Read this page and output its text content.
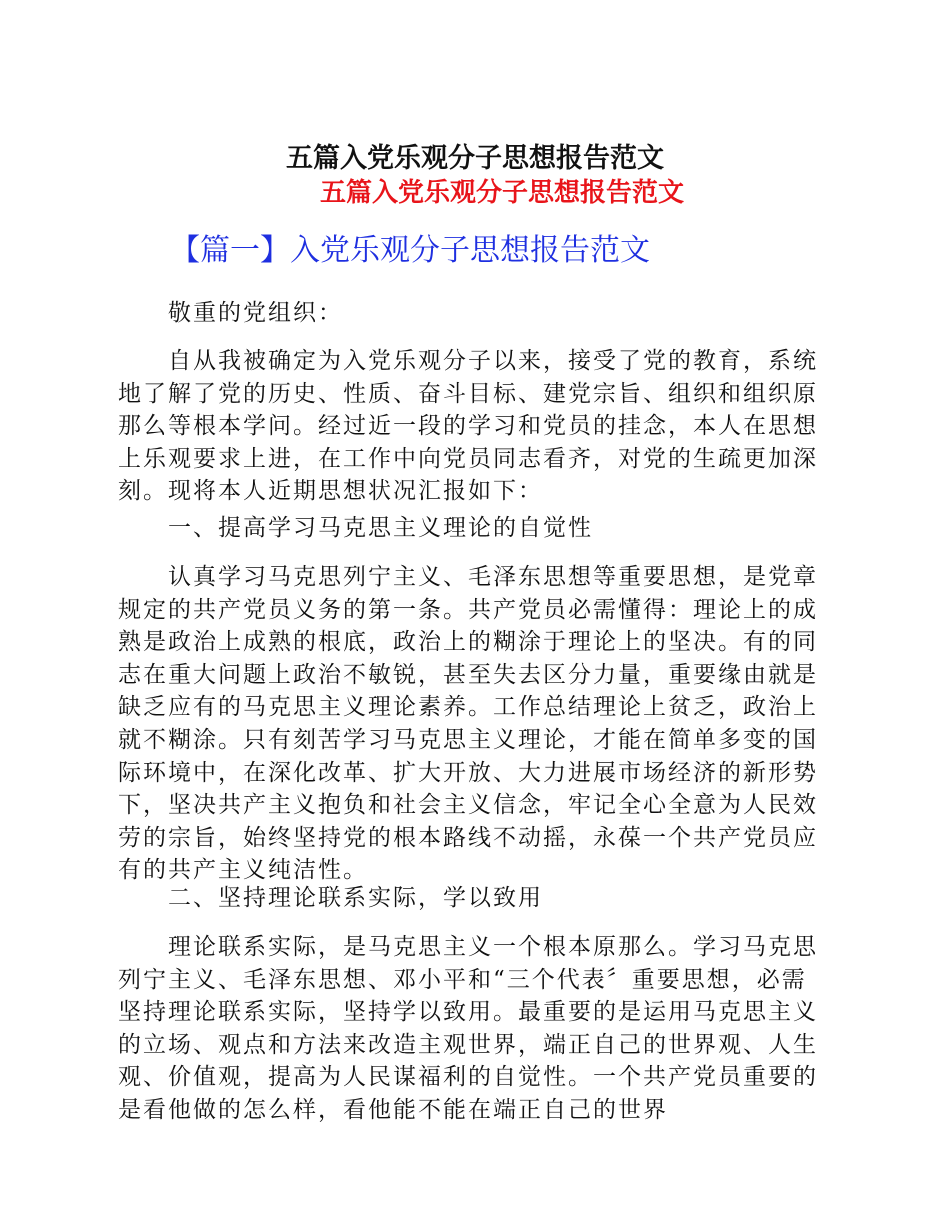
五篇入党乐观分子思想报告范文
五篇入党乐观分子思想报告范文
【篇一】入党乐观分子思想报告范文

敬重的党组织：

自从我被确定为入党乐观分子以来，接受了党的教育，系统地了解了党的历史、性质、奋斗目标、建党宗旨、组织和组织原那么等根本学问。经过近一段的学习和党员的挂念，本人在思想上乐观要求上进，在工作中向党员同志看齐，对党的生疏更加深刻。现将本人近期思想状况汇报如下：

一、提高学习马克思主义理论的自觉性

认真学习马克思列宁主义、毛泽东思想等重要思想，是党章规定的共产党员义务的第一条。共产党员必需懂得：理论上的成熟是政治上成熟的根底，政治上的糊涂于理论上的坚决。有的同志在重大问题上政治不敏锐，甚至失去区分力量，重要缘由就是缺乏应有的马克思主义理论素养。工作总结理论上贫乏，政治上就不糊涂。只有刻苦学习马克思主义理论，才能在简单多变的国际环境中，在深化改革、扩大开放、大力进展市场经济的新形势下，坚决共产主义抱负和社会主义信念，牢记全心全意为人民效劳的宗旨，始终坚持党的根本路线不动摇，永葆一个共产党员应有的共产主义纯洁性。

二、坚持理论联系实际，学以致用

理论联系实际，是马克思主义一个根本原那么。学习马克思列宁主义、毛泽东思想、邓小平和“三个代表〞重要思想，必需坚持理论联系实际，坚持学以致用。最重要的是运用马克思主义的立场、观点和方法来改造主观世界，端正自己的世界观、人生观、价值观，提高为人民谋福利的自觉性。一个共产党员重要的是看他做的怎么样，看他能不能在端正自己的世界
